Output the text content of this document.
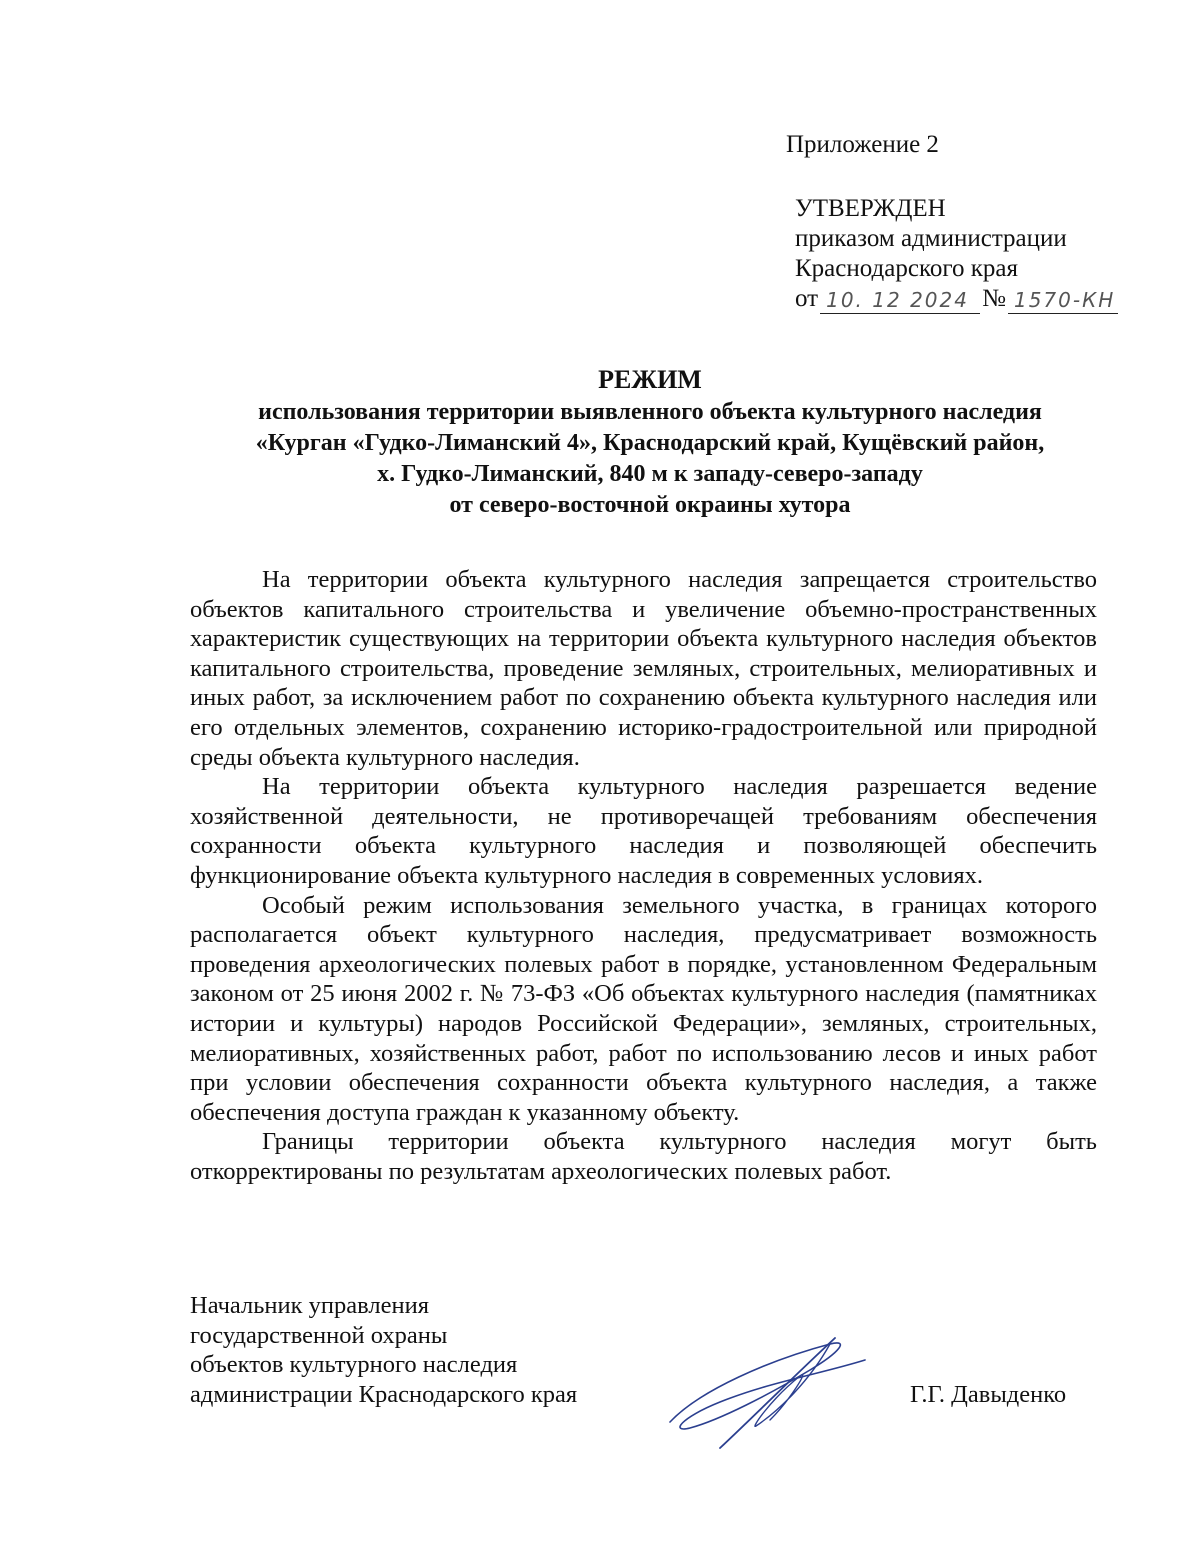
Приложение 2
УТВЕРЖДЕН
приказом администрации
Краснодарского края
от 10. 12 2024 № 1570-КН
РЕЖИМ
использования территории выявленного объекта культурного наследия
«Курган «Гудко-Лиманский 4», Краснодарский край, Кущёвский район,
х. Гудко-Лиманский, 840 м к западу-северо-западу
от северо-восточной окраины хутора

На территории объекта культурного наследия запрещается строительство объектов капитального строительства и увеличение объемно-пространственных характеристик существующих на территории объекта культурного наследия объектов капитального строительства, проведение земляных, строительных, мелиоративных и иных работ, за исключением работ по сохранению объекта культурного наследия или его отдельных элементов, сохранению историко-градостроительной или природной среды объекта культурного наследия.

На территории объекта культурного наследия разрешается ведение хозяйственной деятельности, не противоречащей требованиям обеспечения сохранности объекта культурного наследия и позволяющей обеспечить функционирование объекта культурного наследия в современных условиях.

Особый режим использования земельного участка, в границах которого располагается объект культурного наследия, предусматривает возможность проведения археологических полевых работ в порядке, установленном Федеральным законом от 25 июня 2002 г. № 73-ФЗ «Об объектах культурного наследия (памятниках истории и культуры) народов Российской Федерации», земляных, строительных, мелиоративных, хозяйственных работ, работ по использованию лесов и иных работ при условии обеспечения сохранности объекта культурного наследия, а также обеспечения доступа граждан к указанному объекту.

Границы территории объекта культурного наследия могут быть откорректированы по результатам археологических полевых работ.

Начальник управления
государственной охраны
объектов культурного наследия
администрации Краснодарского края	Г.Г. Давыденко
